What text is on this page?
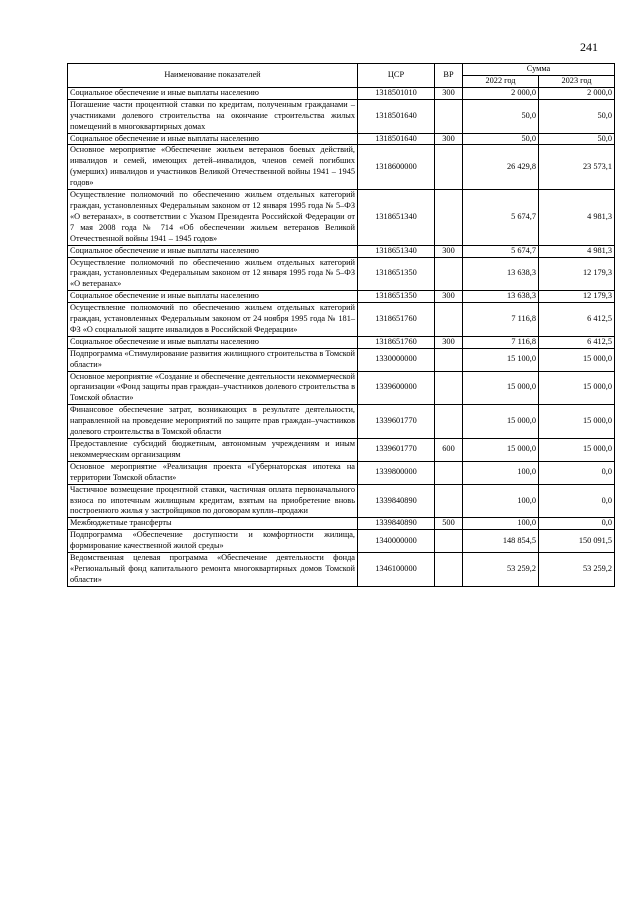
241
Наименование показателей	ЦСР	ВР	Сумма	
			2022 год	2023 год
Социальное обеспечение и иные выплаты населению	1318501010	300	2 000,0	2 000,0
Погашение части процентной ставки по кредитам, полученным гражданами – участниками долевого строительства на окончание строительства жилых помещений в многоквартирных домах	1318501640		50,0	50,0
Социальное обеспечение и иные выплаты населению	1318501640	300	50,0	50,0
Основное мероприятие «Обеспечение жильем ветеранов боевых действий, инвалидов и семей, имеющих детей–инвалидов, членов семей погибших (умерших) инвалидов и участников Великой Отечественной войны 1941 – 1945 годов»	1318600000		26 429,8	23 573,1
Осуществление полномочий по обеспечению жильем отдельных категорий граждан, установленных Федеральным законом от 12 января 1995 года № 5–ФЗ «О ветеранах», в соответствии с Указом Президента Российской Федерации от 7 мая 2008 года № 714 «Об обеспечении жильем ветеранов Великой Отечественной войны 1941 – 1945 годов»	1318651340		5 674,7	4 981,3
Социальное обеспечение и иные выплаты населению	1318651340	300	5 674,7	4 981,3
Осуществление полномочий по обеспечению жильем отдельных категорий граждан, установленных Федеральным законом от 12 января 1995 года № 5–ФЗ «О ветеранах»	1318651350		13 638,3	12 179,3
Социальное обеспечение и иные выплаты населению	1318651350	300	13 638,3	12 179,3
Осуществление полномочий по обеспечению жильем отдельных категорий граждан, установленных Федеральным законом от 24 ноября 1995 года № 181–ФЗ «О социальной защите инвалидов в Российской Федерации»	1318651760		7 116,8	6 412,5
Социальное обеспечение и иные выплаты населению	1318651760	300	7 116,8	6 412,5
Подпрограмма «Стимулирование развития жилищного строительства в Томской области»	1330000000		15 100,0	15 000,0
Основное мероприятие «Создание и обеспечение деятельности некоммерческой организации «Фонд защиты прав граждан–участников долевого строительства в Томской области»	1339600000		15 000,0	15 000,0
Финансовое обеспечение затрат, возникающих в результате деятельности, направленной на проведение мероприятий по защите прав граждан–участников долевого строительства в Томской области	1339601770		15 000,0	15 000,0
Предоставление субсидий бюджетным, автономным учреждениям и иным некоммерческим организациям	1339601770	600	15 000,0	15 000,0
Основное мероприятие «Реализация проекта «Губернаторская ипотека на территории Томской области»	1339800000		100,0	0,0
Частичное возмещение процентной ставки, частичная оплата первоначального взноса по ипотечным жилищным кредитам, взятым на приобретение вновь построенного жилья у застройщиков по договорам купли–продажи	1339840890		100,0	0,0
Межбюджетные трансферты	1339840890	500	100,0	0,0
Подпрограмма «Обеспечение доступности и комфортности жилища, формирование качественной жилой среды»	1340000000		148 854,5	150 091,5
Ведомственная целевая программа «Обеспечение деятельности фонда «Региональный фонд капитального ремонта многоквартирных домов Томской области»	1346100000		53 259,2	53 259,2
